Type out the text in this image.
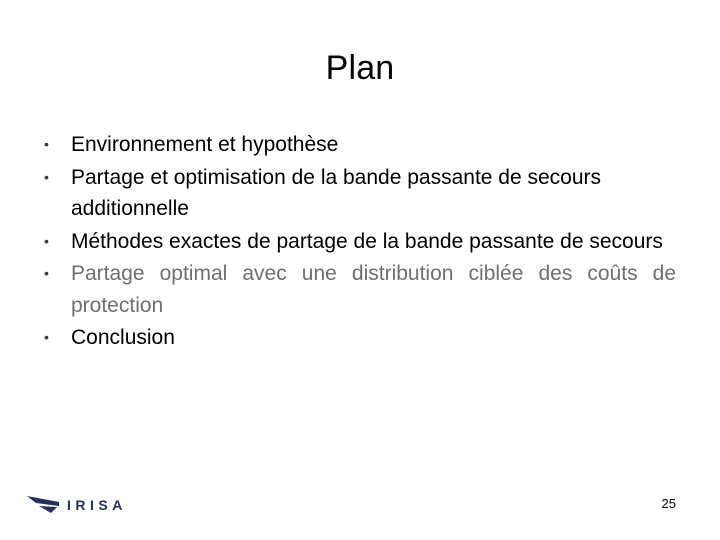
Plan
•	Environnement et hypothèse
•	Partage et optimisation de la bande passante de secours additionnelle
•	Méthodes exactes de partage de la bande passante de secours
•	Partage optimal avec une distribution ciblée des coûts de protection
•	Conclusion
IRISA	25
